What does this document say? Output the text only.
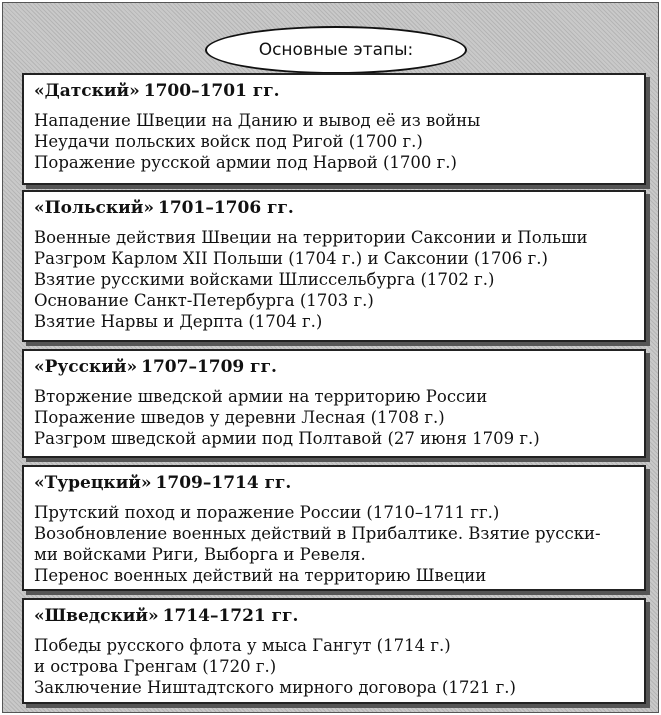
Основные этапы:
«Датский» 1700–1701 гг.
Нападение Швеции на Данию и вывод её из войны
Неудачи польских войск под Ригой (1700 г.)
Поражение русской армии под Нарвой (1700 г.)
«Польский» 1701–1706 гг.
Военные действия Швеции на территории Саксонии и Польши
Разгром Карлом XII Польши (1704 г.) и Саксонии (1706 г.)
Взятие русскими войсками Шлиссельбурга (1702 г.)
Основание Санкт-Петербурга (1703 г.)
Взятие Нарвы и Дерпта (1704 г.)
«Русский» 1707–1709 гг.
Вторжение шведской армии на территорию России
Поражение шведов у деревни Лесная (1708 г.)
Разгром шведской армии под Полтавой (27 июня 1709 г.)
«Турецкий» 1709–1714 гг.
Прутский поход и поражение России (1710–1711 гг.)
Возобновление военных действий в Прибалтике. Взятие русски-
ми войсками Риги, Выборга и Ревеля.
Перенос военных действий на территорию Швеции
«Шведский» 1714–1721 гг.
Победы русского флота у мыса Гангут (1714 г.)
и острова Гренгам (1720 г.)
Заключение Ништадтского мирного договора (1721 г.)
